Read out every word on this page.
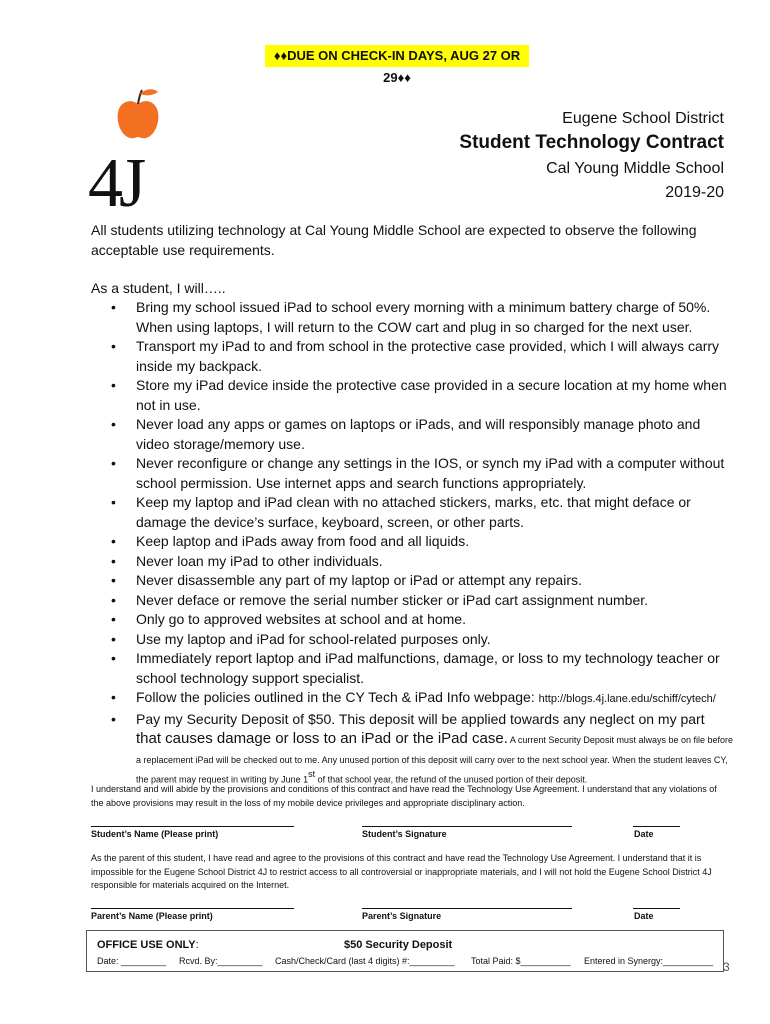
♦♦DUE ON CHECK-IN DAYS, AUG 27 OR 29♦♦
4J
Eugene School District
Student Technology Contract
Cal Young Middle School
2019-20
All students utilizing technology at Cal Young Middle School are expected to observe the following acceptable use requirements.
As a student, I will…..
• Bring my school issued iPad to school every morning with a minimum battery charge of 50%. When using laptops, I will return to the COW cart and plug in so charged for the next user.
• Transport my iPad to and from school in the protective case provided, which I will always carry inside my backpack.
• Store my iPad device inside the protective case provided in a secure location at my home when not in use.
• Never load any apps or games on laptops or iPads, and will responsibly manage photo and video storage/memory use.
• Never reconfigure or change any settings in the IOS, or synch my iPad with a computer without school permission. Use internet apps and search functions appropriately.
• Keep my laptop and iPad clean with no attached stickers, marks, etc. that might deface or damage the device’s surface, keyboard, screen, or other parts.
• Keep laptop and iPads away from food and all liquids.
• Never loan my iPad to other individuals.
• Never disassemble any part of my laptop or iPad or attempt any repairs.
• Never deface or remove the serial number sticker or iPad cart assignment number.
• Only go to approved websites at school and at home.
• Use my laptop and iPad for school-related purposes only.
• Immediately report laptop and iPad malfunctions, damage, or loss to my technology teacher or school technology support specialist.
• Follow the policies outlined in the CY Tech & iPad Info webpage: http://blogs.4j.lane.edu/schiff/cytech/
• Pay my Security Deposit of $50. This deposit will be applied towards any neglect on my part
that causes damage or loss to an iPad or the iPad case. A current Security Deposit must always be on file before a replacement iPad will be checked out to me. Any unused portion of this deposit will carry over to the next school year. When the student leaves CY, the parent may request in writing by June 1st of that school year, the refund of the unused portion of their deposit.
I understand and will abide by the provisions and conditions of this contract and have read the Technology Use Agreement. I understand that any violations of the above provisions may result in the loss of my mobile device privileges and appropriate disciplinary action.
Student’s Name (Please print)	Student’s Signature	Date
As the parent of this student, I have read and agree to the provisions of this contract and have read the Technology Use Agreement. I understand that it is impossible for the Eugene School District 4J to restrict access to all controversial or inappropriate materials, and I will not hold the Eugene School District 4J responsible for materials acquired on the Internet.
Parent’s Name (Please print)	Parent’s Signature	Date
OFFICE USE ONLY:	$50 Security Deposit
Date: _________ Rcvd. By:_________ Cash/Check/Card (last 4 digits) #:_________ Total Paid: $__________ Entered in Synergy:__________ 3
